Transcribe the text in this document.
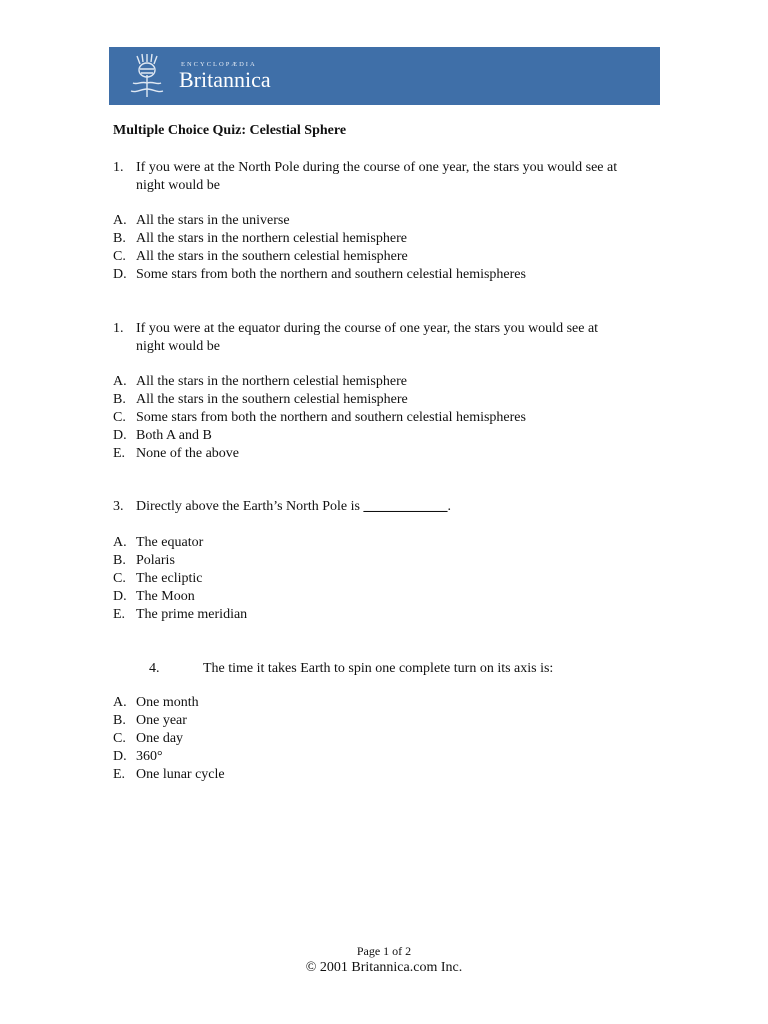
ENCYCLOPÆDIA
Britannica
Multiple Choice Quiz: Celestial Sphere
1. If you were at the North Pole during the course of one year, the stars you would see at
night would be
A. All the stars in the universe
B. All the stars in the northern celestial hemisphere
C. All the stars in the southern celestial hemisphere
D. Some stars from both the northern and southern celestial hemispheres
1. If you were at the equator during the course of one year, the stars you would see at
night would be
A. All the stars in the northern celestial hemisphere
B. All the stars in the southern celestial hemisphere
C. Some stars from both the northern and southern celestial hemispheres
D. Both A and B
E. None of the above
3. Directly above the Earth’s North Pole is ____________.
A. The equator
B. Polaris
C. The ecliptic
D. The Moon
E. The prime meridian
4.	The time it takes Earth to spin one complete turn on its axis is:
A. One month
B. One year
C. One day
D. 360°
E. One lunar cycle
Page 1 of 2
© 2001 Britannica.com Inc.
